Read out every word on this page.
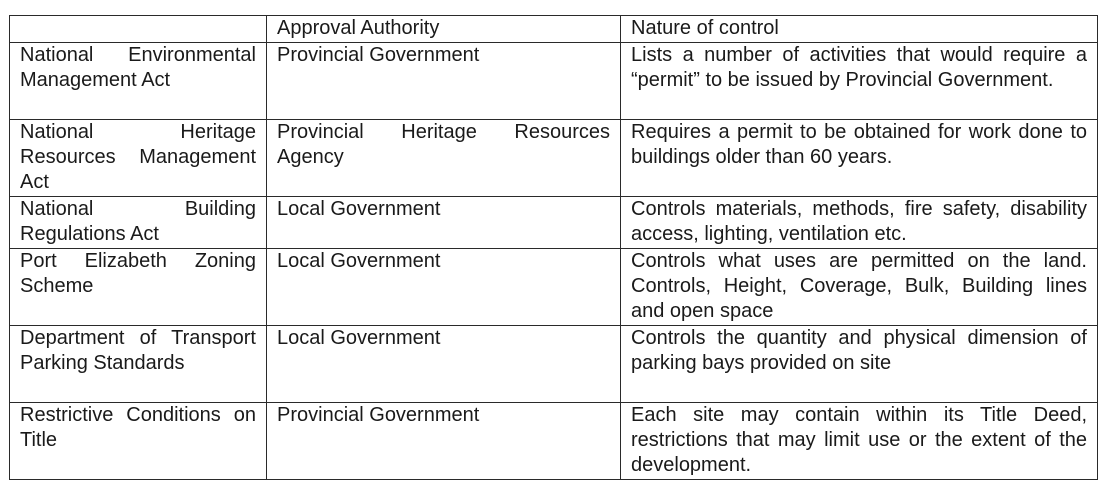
	Approval Authority	Nature of control
National Environmental Management Act	Provincial Government	Lists a number of activities that would require a “permit” to be issued by Provincial Government.
National Heritage Resources Management Act	Provincial Heritage Resources Agency	Requires a permit to be obtained for work done to buildings older than 60 years.
National Building Regulations Act	Local Government	Controls materials, methods, fire safety, disability access, lighting, ventilation etc.
Port Elizabeth Zoning Scheme	Local Government	Controls what uses are permitted on the land. Controls, Height, Coverage, Bulk, Building lines and open space
Department of Transport Parking Standards	Local Government	Controls the quantity and physical dimension of parking bays provided on site
Restrictive Conditions on Title	Provincial Government	Each site may contain within its Title Deed, restrictions that may limit use or the extent of the development.
